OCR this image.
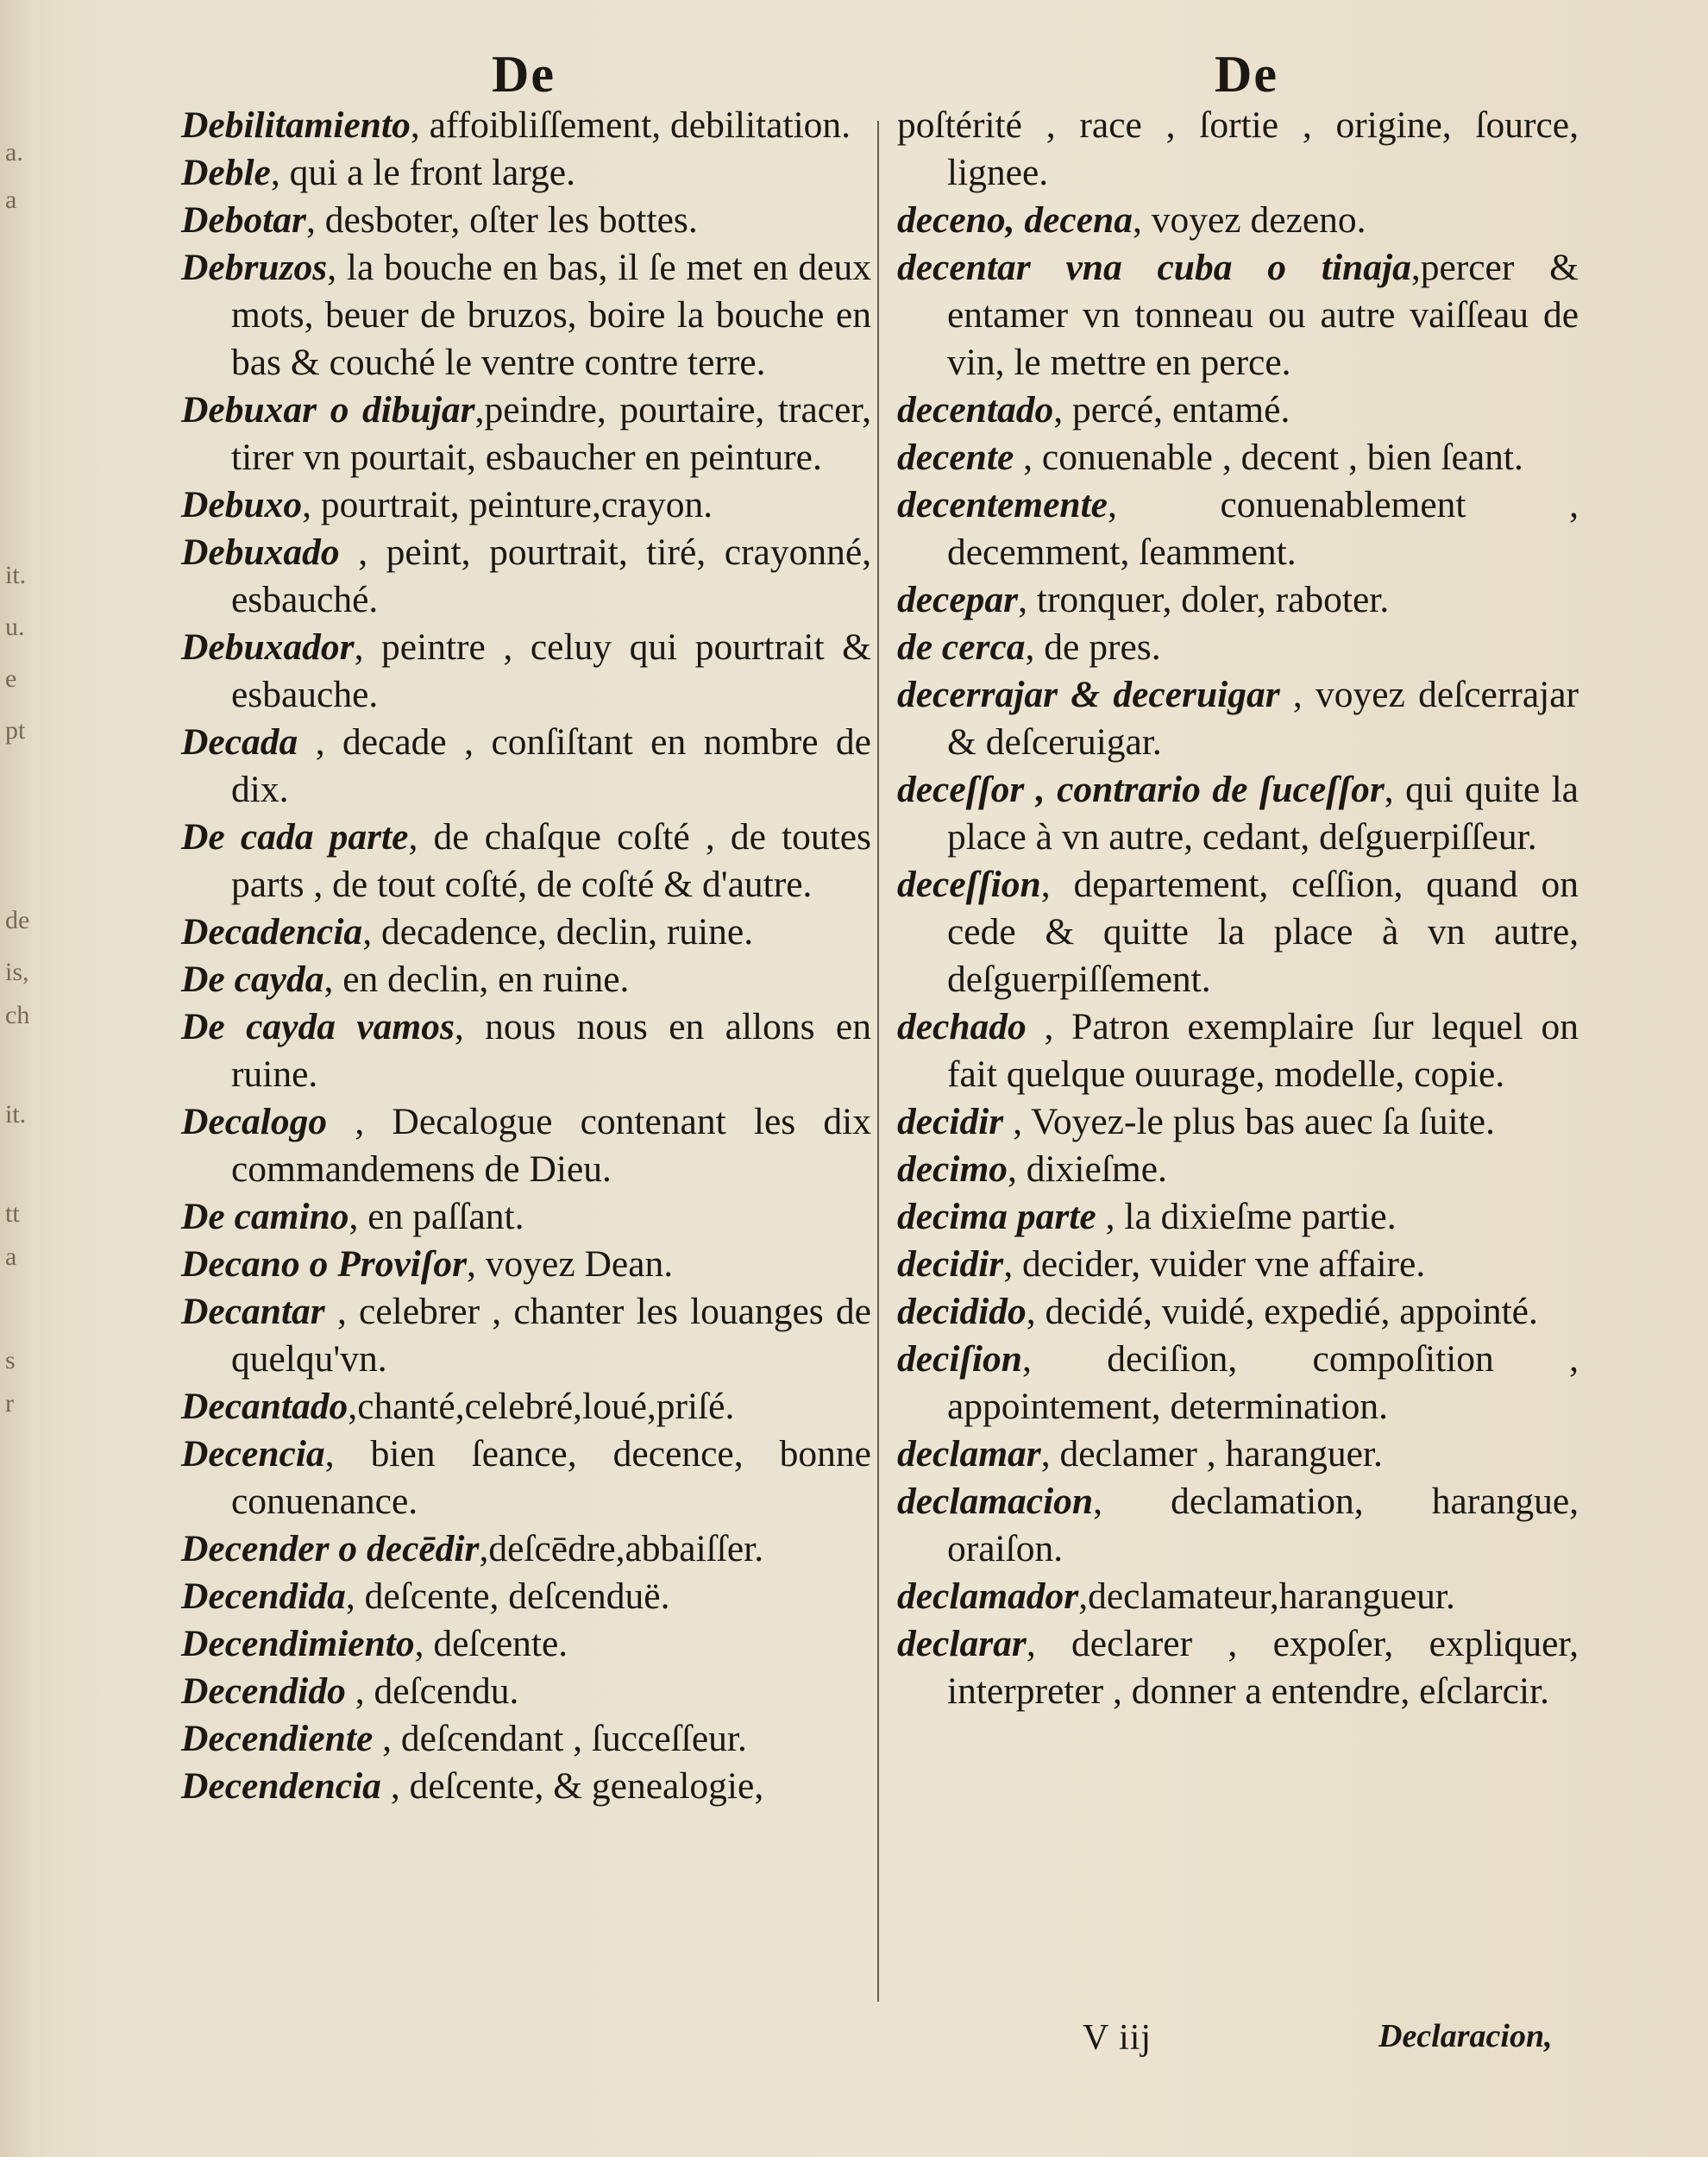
a.
a
it.
u.
e
pt
de
is,
ch
it.
tt
a
s
r
De	De

Debilitamiento, affoibliſſement, debilitation.

Deble, qui a le front large.

Debotar, desboter, oſter les bottes.

Debruzos, la bouche en bas, il ſe met en deux mots, beuer de bruzos, boire la bouche en bas & couché le ventre contre terre.

Debuxar o dibujar,peindre, pourtaire, tracer, tirer vn pourtait, esbaucher en peinture.

Debuxo, pourtrait, peinture,crayon.

Debuxado , peint, pourtrait, tiré, crayonné, esbauché.

Debuxador, peintre , celuy qui pourtrait & esbauche.

Decada , decade , conſiſtant en nombre de dix.

De cada parte, de chaſque coſté , de toutes parts , de tout coſté, de coſté & d'autre.

Decadencia, decadence, declin, ruine.

De cayda, en declin, en ruine.

De cayda vamos, nous nous en allons en ruine.

Decalogo , Decalogue contenant les dix commandemens de Dieu.

De camino, en paſſant.

Decano o Proviſor, voyez Dean.

Decantar , celebrer , chanter les louanges de quelqu'vn.

Decantado,chanté,celebré,loué,priſé.

Decencia, bien ſeance, decence, bonne conuenance.

Decender o decēdir,deſcēdre,abbaiſſer.

Decendida, deſcente, deſcenduë.

Decendimiento, deſcente.

Decendido , deſcendu.

Decendiente , deſcendant , ſucceſſeur.

Decendencia , deſcente, & genealogie,

poſtérité , race , ſortie , origine, ſource, lignee.

deceno, decena, voyez dezeno.

decentar vna cuba o tinaja,percer & entamer vn tonneau ou autre vaiſſeau de vin, le mettre en perce.

decentado, percé, entamé.

decente , conuenable , decent , bien ſeant.

decentemente, conuenablement , decemment, ſeamment.

decepar, tronquer, doler, raboter.

de cerca, de pres.

decerrajar & deceruigar , voyez deſcerrajar & deſceruigar.

deceſſor , contrario de ſuceſſor, qui quite la place à vn autre, cedant, deſguerpiſſeur.

deceſſion, departement, ceſſion, quand on cede & quitte la place à vn autre, deſguerpiſſement.

dechado , Patron exemplaire ſur lequel on fait quelque ouurage, modelle, copie.

decidir , Voyez-le plus bas auec ſa ſuite.

decimo, dixieſme.

decima parte , la dixieſme partie.

decidir, decider, vuider vne affaire.

decidido, decidé, vuidé, expedié, appointé.

deciſion, deciſion, compoſition , appointement, determination.

declamar, declamer , haranguer.

declamacion, declamation, harangue, oraiſon.

declamador,declamateur,harangueur.

declarar, declarer , expoſer, expliquer, interpreter , donner a entendre, eſclarcir.

V iij	Declaracion,
